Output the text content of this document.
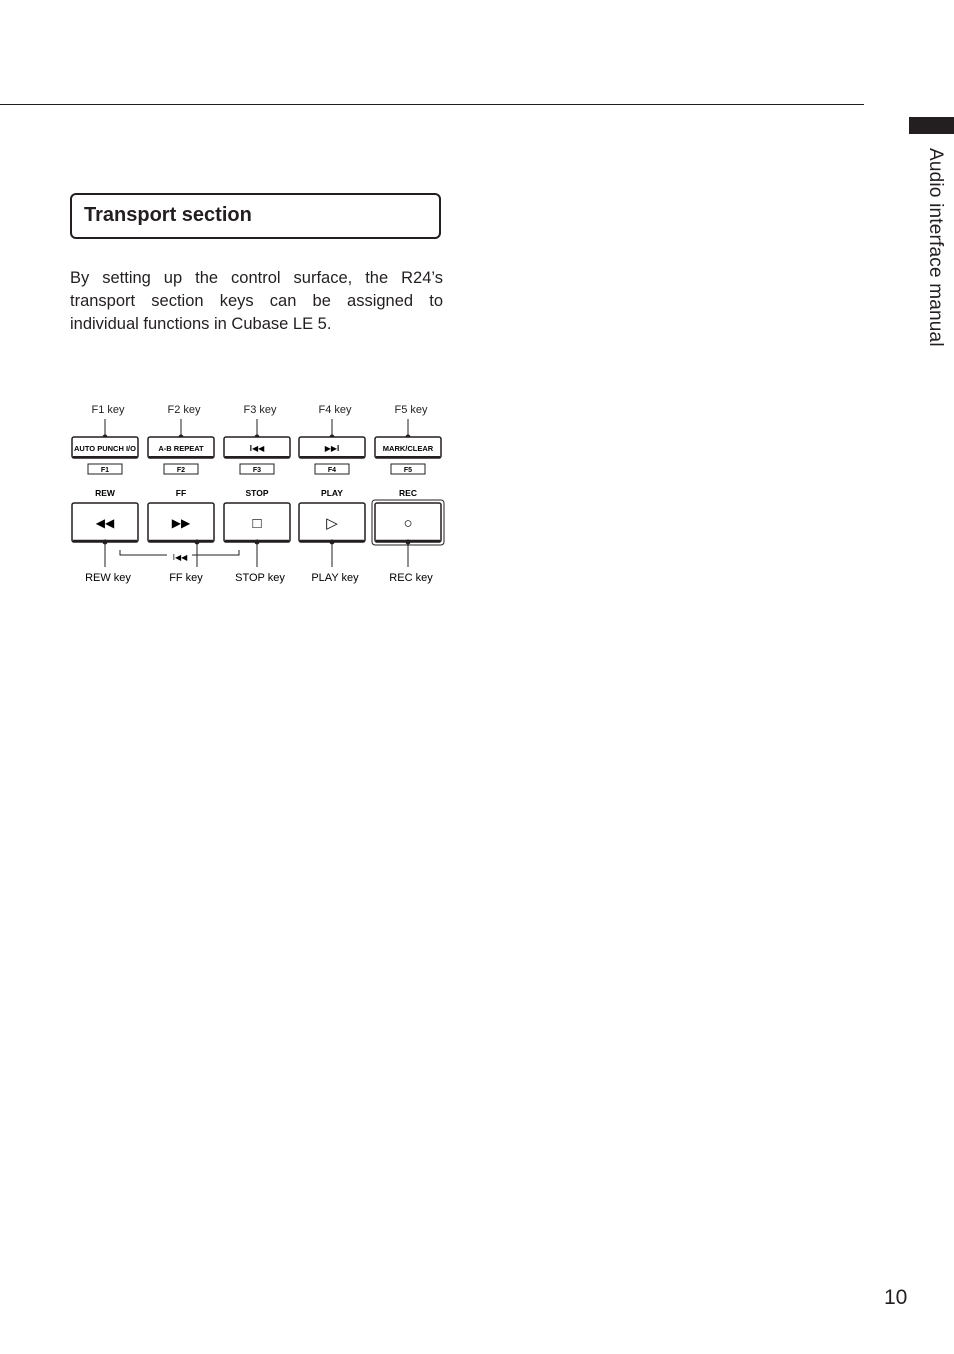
Audio interface manual
Transport section
By setting up the control surface, the R24’s transport section keys can be assigned to individual functions in Cubase LE 5.
F1 key	F2 key	F3 key	F4 key	F5 key
AUTO PUNCH I/O
F1
A-B REPEAT
F2
I◀◀
F3
▶▶I
F4
MARK/CLEAR
F5
REW	FF	STOP	PLAY	REC
◀◀	▶▶	□	▷	○
I◀◀
REW key	FF key	STOP key PLAY key	REC key
10
